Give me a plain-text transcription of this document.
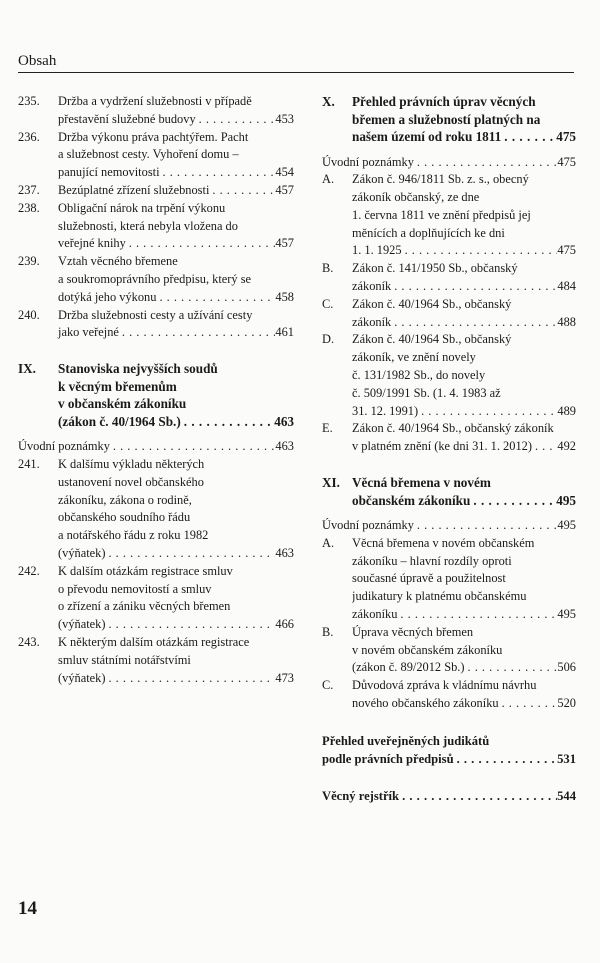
Obsah
235.	Držba a vydržení služebnosti v případě
přestavění služebné budovy . . .	453
236.	Držba výkonu práva pachtýřem. Pacht
a služebnost cesty. Vyhoření domu –
panující nemovitosti . . .	454
237.	Bezúplatné zřízení služebnosti . . .	457
238.	Obligační nárok na trpění výkonu
služebnosti, která nebyla vložena do
veřejné knihy . . .	457
239.	Vztah věcného břemene
a soukromoprávního předpisu, který se
dotýká jeho výkonu . . .	458
240.	Držba služebnosti cesty a užívání cesty
jako veřejné . . .	461
IX.	Stanoviska nejvyšších soudů
k věcným břemenům
v občanském zákoníku
(zákon č. 40/1964 Sb.) . . .	463
Úvodní poznámky . . .	463
241.	K dalšímu výkladu některých
ustanovení novel občanského
zákoníku, zákona o rodině,
občanského soudního řádu
a notářského řádu z roku 1982
(výňatek) . . .	463
242.	K dalším otázkám registrace smluv
o převodu nemovitostí a smluv
o zřízení a zániku věcných břemen
(výňatek) . . .	466
243.	K některým dalším otázkám registrace
smluv státními notářstvími
(výňatek) . . .	473
X.	Přehled právních úprav věcných
břemen a služebností platných na
našem území od roku 1811 . . .	475
Úvodní poznámky . . .	475
A.	Zákon č. 946/1811 Sb. z. s., obecný
zákoník občanský, ze dne
1. června 1811 ve znění předpisů jej
měnících a doplňujících ke dni
1. 1. 1925 . . .	475
B.	Zákon č. 141/1950 Sb., občanský
zákoník . . .	484
C.	Zákon č. 40/1964 Sb., občanský
zákoník . . .	488
D.	Zákon č. 40/1964 Sb., občanský
zákoník, ve znění novely
č. 131/1982 Sb., do novely
č. 509/1991 Sb. (1. 4. 1983 až
31. 12. 1991) . . .	489
E.	Zákon č. 40/1964 Sb., občanský zákoník
v platném znění (ke dni 31. 1. 2012) . . . 492
XI. Věcná břemena v novém
občanském zákoníku . . .	495
Úvodní poznámky . . .	495
A.	Věcná břemena v novém občanském
zákoníku – hlavní rozdíly oproti
současné úpravě a použitelnost
judikatury k platnému občanskému
zákoníku . . .	495
B.	Úprava věcných břemen
v novém občanském zákoníku
(zákon č. 89/2012 Sb.) . . .	506
C.	Důvodová zpráva k vládnímu návrhu
nového občanského zákoníku . . .	520
Přehled uveřejněných judikátů
podle právních předpisů . . .	531
Věcný rejstřík . . .	544
14
